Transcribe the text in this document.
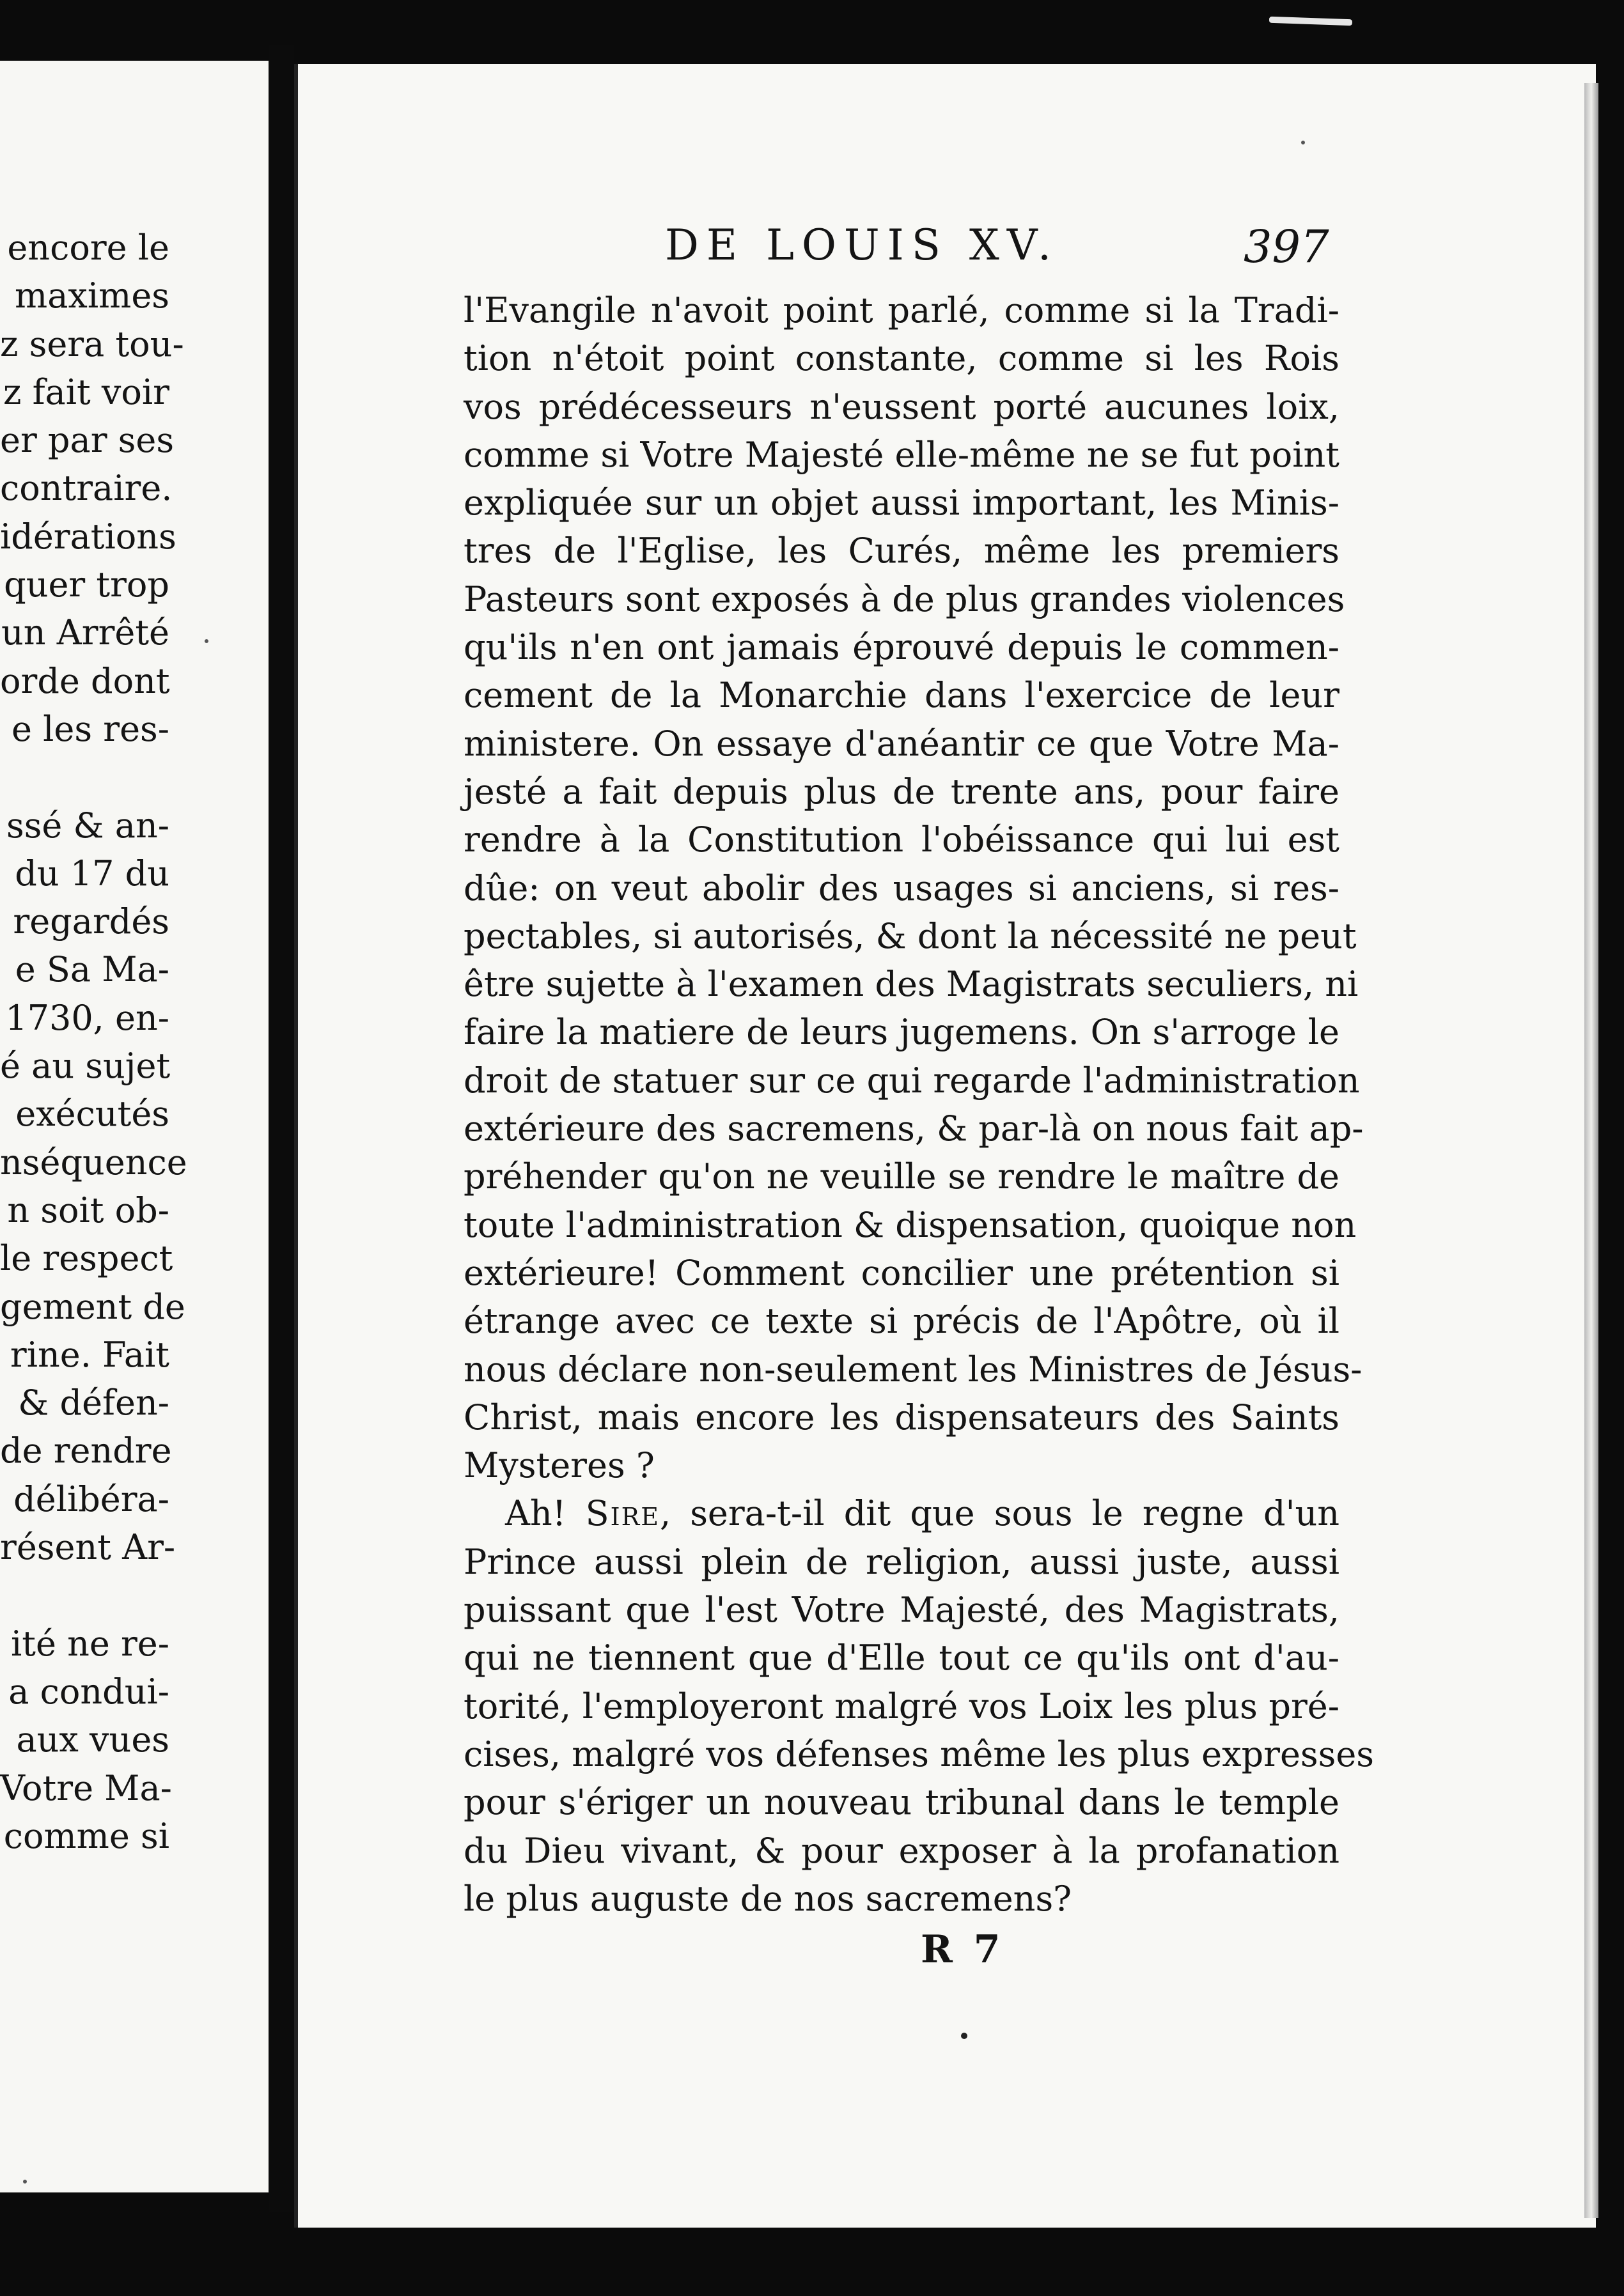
encore le
maximes
z sera tou-
z fait voir
er par ses
contraire.
idérations
quer trop
un Arrêté
orde dont
e les res-
ssé & an-
du 17 du
regardés
e Sa Ma-
1730, en-
é au sujet
exécutés
nséquence
n soit ob-
le respect
gement de
rine. Fait
& défen-
de rendre
délibéra-
résent Ar-
ité ne re-
a condui-
aux vues
Votre Ma-
comme si
DE LOUIS XV.	397
l'Evangile n'avoit point parlé, comme si la Tradi-
tion n'étoit point constante, comme si les Rois
vos prédécesseurs n'eussent porté aucunes loix,
comme si Votre Majesté elle-même ne se fut point
expliquée sur un objet aussi important, les Minis-
tres de l'Eglise, les Curés, même les premiers
Pasteurs sont exposés à de plus grandes violences
qu'ils n'en ont jamais éprouvé depuis le commen-
cement de la Monarchie dans l'exercice de leur
ministere. On essaye d'anéantir ce que Votre Ma-
jesté a fait depuis plus de trente ans, pour faire
rendre à la Constitution l'obéissance qui lui est
dûe: on veut abolir des usages si anciens, si res-
pectables, si autorisés, & dont la nécessité ne peut
être sujette à l'examen des Magistrats seculiers, ni
faire la matiere de leurs jugemens. On s'arroge le
droit de statuer sur ce qui regarde l'administration
extérieure des sacremens, & par-là on nous fait ap-
préhender qu'on ne veuille se rendre le maître de
toute l'administration & dispensation, quoique non
extérieure! Comment concilier une prétention si
étrange avec ce texte si précis de l'Apôtre, où il
nous déclare non-seulement les Ministres de Jésus-
Christ, mais encore les dispensateurs des Saints
Mysteres ?
Ah! Sire, sera-t-il dit que sous le regne d'un
Prince aussi plein de religion, aussi juste, aussi
puissant que l'est Votre Majesté, des Magistrats,
qui ne tiennent que d'Elle tout ce qu'ils ont d'au-
torité, l'employeront malgré vos Loix les plus pré-
cises, malgré vos défenses même les plus expresses
pour s'ériger un nouveau tribunal dans le temple
du Dieu vivant, & pour exposer à la profanation
le plus auguste de nos sacremens?
R 7
